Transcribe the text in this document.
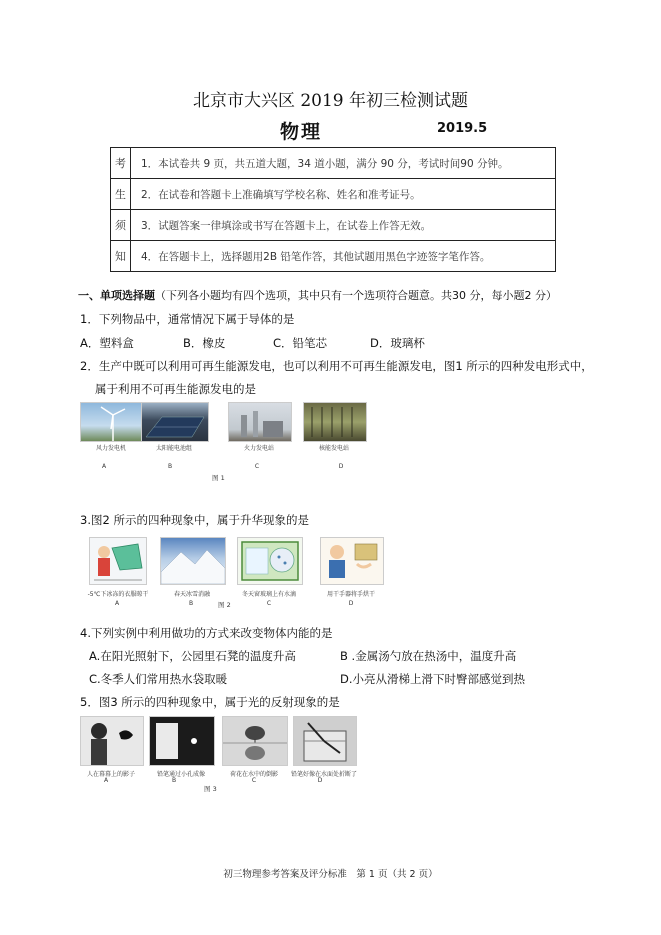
北京市大兴区 2019 年初三检测试题
物理	2019.5
考	1．本试卷共 9 页，共五道大题，34 道小题，满分 90 分，考试时间90 分钟。
生	2．在试卷和答题卡上准确填写学校名称、姓名和准考证号。
须	3．试题答案一律填涂或书写在答题卡上，在试卷上作答无效。
知	4．在答题卡上，选择题用2B 铅笔作答，其他试题用黑色字迹签字笔作答。
一、单项选择题（下列各小题均有四个选项，其中只有一个选项符合题意。共30 分，每小题2 分）
1．下列物品中，通常情况下属于导体的是
A．塑料盒	B．橡皮	C．铅笔芯	D．玻璃杯
2．生产中既可以利用可再生能源发电，也可以利用不可再生能源发电，图1 所示的四种发电形式中，
属于利用不可再生能源发电的是
风力发电机	太阳能电池组	火力发电站	核能发电站
A	B	C	D
图 1
3.图2 所示的四种现象中，属于升华现象的是
-5℃下冰冻的衣服晾干	春天冰雪消融	冬天窗玻璃上有水滴	用干手器将手烘干
A	B	图 2	C	D
4.下列实例中利用做功的方式来改变物体内能的是
A.在阳光照射下，公园里石凳的温度升高	B .金属汤勺放在热汤中，温度升高
C.冬季人们常用热水袋取暖	D.小亮从滑梯上滑下时臀部感觉到热
5．图3 所示的四种现象中，属于光的反射现象的是
人在幕幕上的影子	铅笔通过小孔成像	荷花在水中的倒影	铅笔好像在水面处折断了
A	B	C	D
图 3
初三物理参考答案及评分标准　第 1 页（共 2 页）
